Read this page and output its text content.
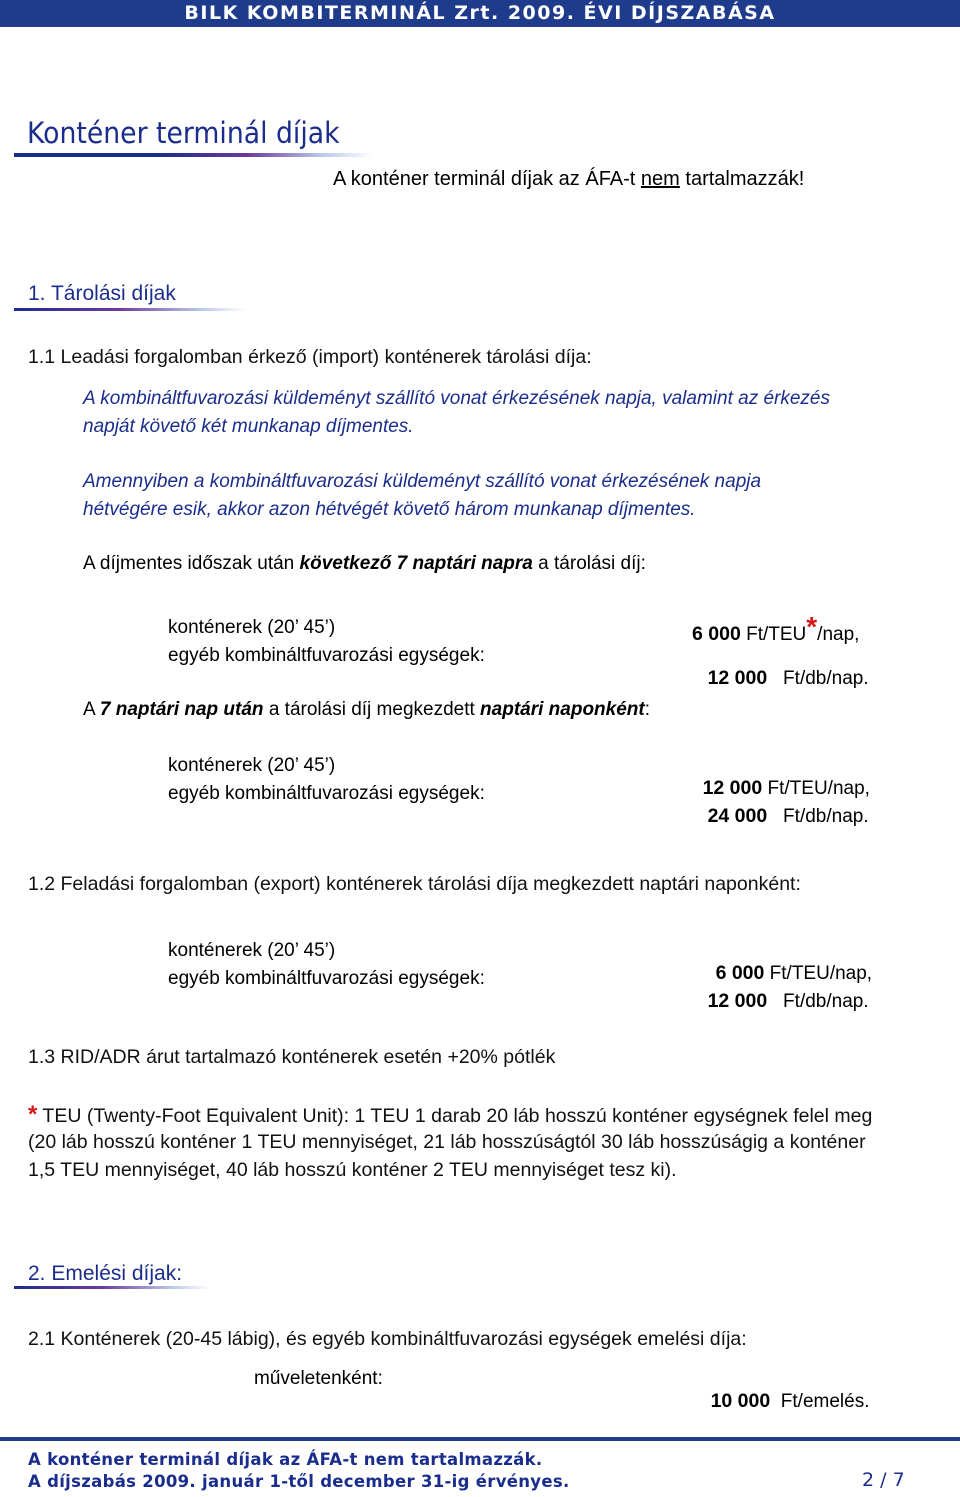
BILK KOMBITERMINÁL Zrt. 2009. ÉVI DÍJSZABÁSA
Konténer terminál díjak
A konténer terminál díjak az ÁFA-t nem tartalmazzák!
1. Tárolási díjak
1.1 Leadási forgalomban érkező (import) konténerek tárolási díja:
A kombináltfuvarozási küldeményt szállító vonat érkezésének napja, valamint az érkezés
napját követő két munkanap díjmentes.
Amennyiben a kombináltfuvarozási küldeményt szállító vonat érkezésének napja
hétvégére esik, akkor azon hétvégét követő három munkanap díjmentes.
A díjmentes időszak után következő 7 naptári napra a tárolási díj:
konténerek (20’ 45’)	6 000 Ft/TEU*/nap,
egyéb kombináltfuvarozási egységek:

12 000   Ft/db/nap.

A 7 naptári nap után a tárolási díj megkezdett naptári naponként:
konténerek (20’ 45’)

12 000 Ft/TEU/nap,

egyéb kombináltfuvarozási egységek:

24 000   Ft/db/nap.

1.2 Feladási forgalomban (export) konténerek tárolási díja megkezdett naptári naponként:
konténerek (20’ 45’)

6 000 Ft/TEU/nap,

egyéb kombináltfuvarozási egységek:

12 000   Ft/db/nap.

1.3 RID/ADR árut tartalmazó konténerek esetén +20% pótlék
* TEU (Twenty-Foot Equivalent Unit): 1 TEU 1 darab 20 láb hosszú konténer egységnek felel meg
(20 láb hosszú konténer 1 TEU mennyiséget, 21 láb hosszúságtól 30 láb hosszúságig a konténer
1,5 TEU mennyiséget, 40 láb hosszú konténer 2 TEU mennyiséget tesz ki).
2. Emelési díjak:
2.1 Konténerek (20-45 lábig), és egyéb kombináltfuvarozási egységek emelési díja:
műveletenként:

10 000  Ft/emelés.

A konténer terminál díjak az ÁFA-t nem tartalmazzák.
A díjszabás 2009. január 1-től december 31-ig érvényes.	2 / 7
